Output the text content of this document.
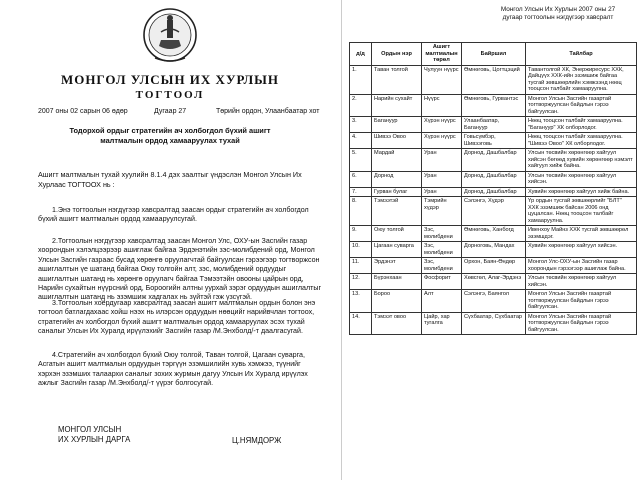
МОНГОЛ УЛСЫН ИХ ХУРЛЫН
ТОГТООЛ
2007 оны 02 сарын 06 өдөр	Дугаар 27	Төрийн ордон, Улаанбаатар хот
Тодорхой ордыг стратегийн ач холбогдол бүхий ашигт малтмалын ордод хамааруулах тухай
Ашигт малтмалын тухай хуулийн 8.1.4 дэх заалтыг үндэслэн Монгол Улсын Их Хурлаас ТОГТООХ нь :
1.Энэ тогтоолын нэгдүгээр хавсралтад заасан ордыг стратегийн ач холбогдол бүхий ашигт малтмалын ордод хамааруулсугай.
2.Тогтоолын нэгдүгээр хавсралтад заасан Монгол Улс, ОХУ-ын Засгийн газар хоорондын хэлэлцээрээр ашиглаж байгаа Эрдэнэтийн зэс-молибдений орд, Монгол Улсын Засгийн газраас бусад хөрөнгө оруулагчтай байгуулсан гэрээгээр тогтворжсон ашиглалтын үе шатанд байгаа Оюу толгойн алт, зэс, молибдений ордуудыг ашиглалтын шатанд нь хөрөнгө оруулагч байгаа Тэмээтэйн овооны цайрын орд, Нарийн сухайтын нүүрсний орд, Бороогийн алтны уурхай зэрэг ордуудын ашиглалтыг ашиглалтын шатанд нь эзэмшиж хадгалах нь зүйтэй гэж үзсүгэй.
3.Тогтоолын хоёрдугаар хавсралтад заасан ашигт малтмалын ордын болон энэ тогтоол батлагдахаас хойш нээх нь илэрсэн ордуудын нөөцийг нарийвчлан тогтоох, стратегийн ач холбогдол бүхий ашигт малтмалын ордод хамааруулах эсэх тухай саналыг Улсын Их Хуралд ирүүлэхийг Засгийн газар /М.Энхболд/-т даалгасугай.
4.Стратегийн ач холбогдол бүхий Оюу толгой, Таван толгой, Цагаан суварга, Асгатын ашигт малтмалын ордуудын тэргүүн эзэмшилийн хувь хэмжээ, түүнийг хэрхэн эзэмших талаархи саналыг зохих журмын дагуу Улсын Их Хуралд ирүүлэх ажлыг Засгийн газар /М.Энхболд/-т үүрэг болгосугай.
МОНГОЛ УЛСЫН
ИХ ХУРЛЫН ДАРГА	Ц.НЯМДОРЖ
Монгол Улсын Их Хурлын 2007 оны 27
дугаар тогтоолын нэгдүгээр хавсралт
д/д	Ордын нэр	Ашигт малтмалын төрөл	Байршил	Тайлбар
1.	Таван толгой	Чулуун нүүрс	Өмнөговь, Цогтцэций	Тавантолгой ХК, Энержиресурс ХХК, Дайцүүх ХХК-ийн эзэмшиж байгаа тусгай зөвшөөрлийн хэмжээнд нөөц тооцсон талбайг хамааруулна.
2.	Нарийн сухайт	Нүүрс	Өмнөговь, Гурвантэс	Монгол Улсын Засгийн газартай тогтворжуулсан байдлын гэрээ байгуулсан.
3.	Багануур	Хүрэн нүүрс	Улаанбаатар, Багануур	Нөөц тооцсон талбайг хамааруулна. "Багануур" ХК олборлодог.
4.	Шивээ Овоо	Хүрэн нүүрс	Говьсүмбэр, Шивээговь	Нөөц тооцсон талбайг хамааруулна. "Шивээ Овоо" ХК олборлодог.
5.	Мардай	Уран	Дорнод, Дашбалбар	Улсын төсвийн хөрөнгөөр хайгуул хийсэн бөгөөд хувийн хөрөнгөөр нэмэлт хайгуул хийж байна.
6.	Дорнод	Уран	Дорнод, Дашбалбар	Улсын төсвийн хөрөнгөөр хайгуул хийсэн.
7.	Гурван булаг	Уран	Дорнод, Дашбалбар	Хувийн хөрөнгөөр хайгуул хийж байна.
8.	Тэмээтэй	Тэмрийн хүдэр	Сэлэнгэ, Хүдэр	Үр ордын тусгай зөвшөөрлийг "БЛТ" ХХК эзэмшиж байсан 2006 онд цуцалсан. Нөөц тооцсон талбайг хамааруулна.
9.	Оюу толгой	Зэс, молибдени	Өмнөговь, Ханбогд	Ивенхоу Майнз ХХК тусгай зөвшөөрөл эзэмшдэг.
10.	Цагаан суварга	Зэс, молибдени	Дорноговь, Мандах	Хувийн хөрөнгөөр хайгуул хийсэн.
11.	Эрдэнэт	Зэс, молибдени	Орхон, Баян-Өндөр	Монгол Улс-ОХУ-ын Засгийн газар хоорондын гэрээгээр ашиглаж байна.
12.	Бүрэнхаан	Фосфорит	Хөвсгөл, Алаг-Эрдэнэ	Улсын төсвийн хөрөнгөөр хайгуул хийсэн.
13.	Бороо	Алт	Сэлэнгэ, Баянгол	Монгол Улсын Засгийн газартай тогтворжуулсан байдлын гэрээ байгуулсан.
14.	Тэмээт овоо	Цайр, хар тугалга	Сүхбаатар, Сүхбаатар	Монгол Улсын Засгийн газартай тогтворжуулсан байдлын гэрээ байгуулсан.
